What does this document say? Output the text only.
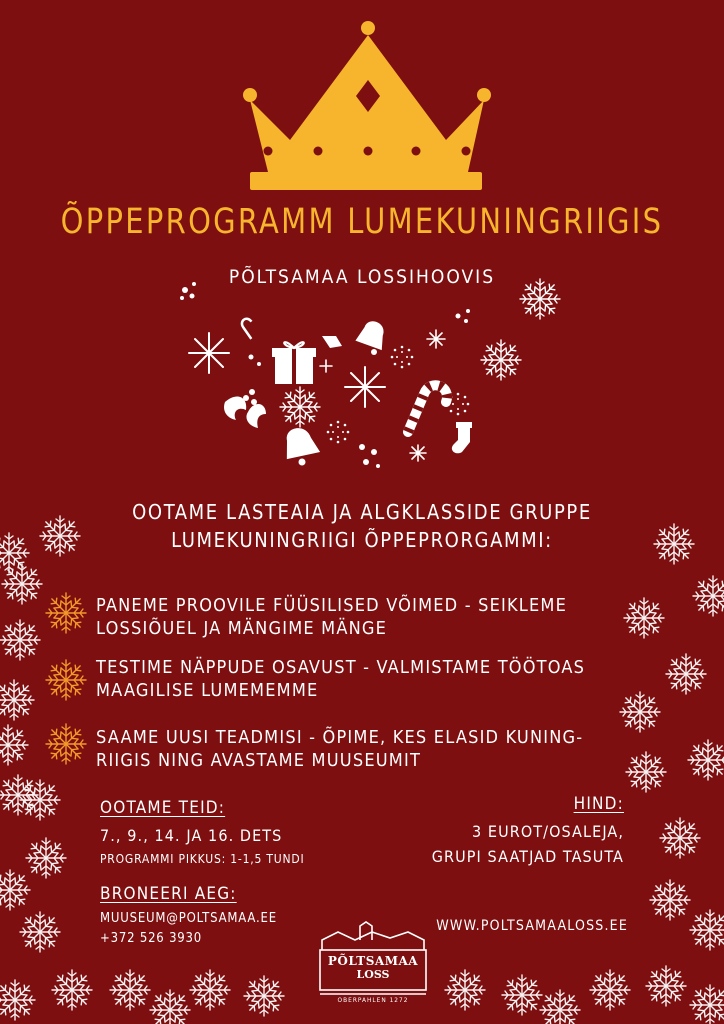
ÕPPEPROGRAMM LUMEKUNINGRIIGIS
PÕLTSAMAA LOSSIHOOVIS
OOTAME LASTEAIA JA ALGKLASSIDE GRUPPE
LUMEKUNINGRIIGI ÕPPEPRORGAMMI:
PANEME PROOVILE FÜÜSILISED VÕIMED - SEIKLEME
LOSSIÕUEL JA MÄNGIME MÄNGE
TESTIME NÄPPUDE OSAVUST - VALMISTAME TÖÖTOAS
MAAGILISE LUMEMEMME
SAAME UUSI TEADMISI - ÕPIME, KES ELASID KUNING-
RIIGIS NING AVASTAME MUUSEUMIT
OOTAME TEID:
7., 9., 14. JA 16. DETS
PROGRAMMI PIKKUS: 1-1,5 TUNDI
HIND:
3 EUROT/OSALEJA,
GRUPI SAATJAD TASUTA
BRONEERI AEG:
MUUSEUM@POLTSAMAA.EE
+372 526 3930
WWW.POLTSAMAALOSS.EE
PÕLTSAMAA
LOSS
OBERPAHLEN 1272
